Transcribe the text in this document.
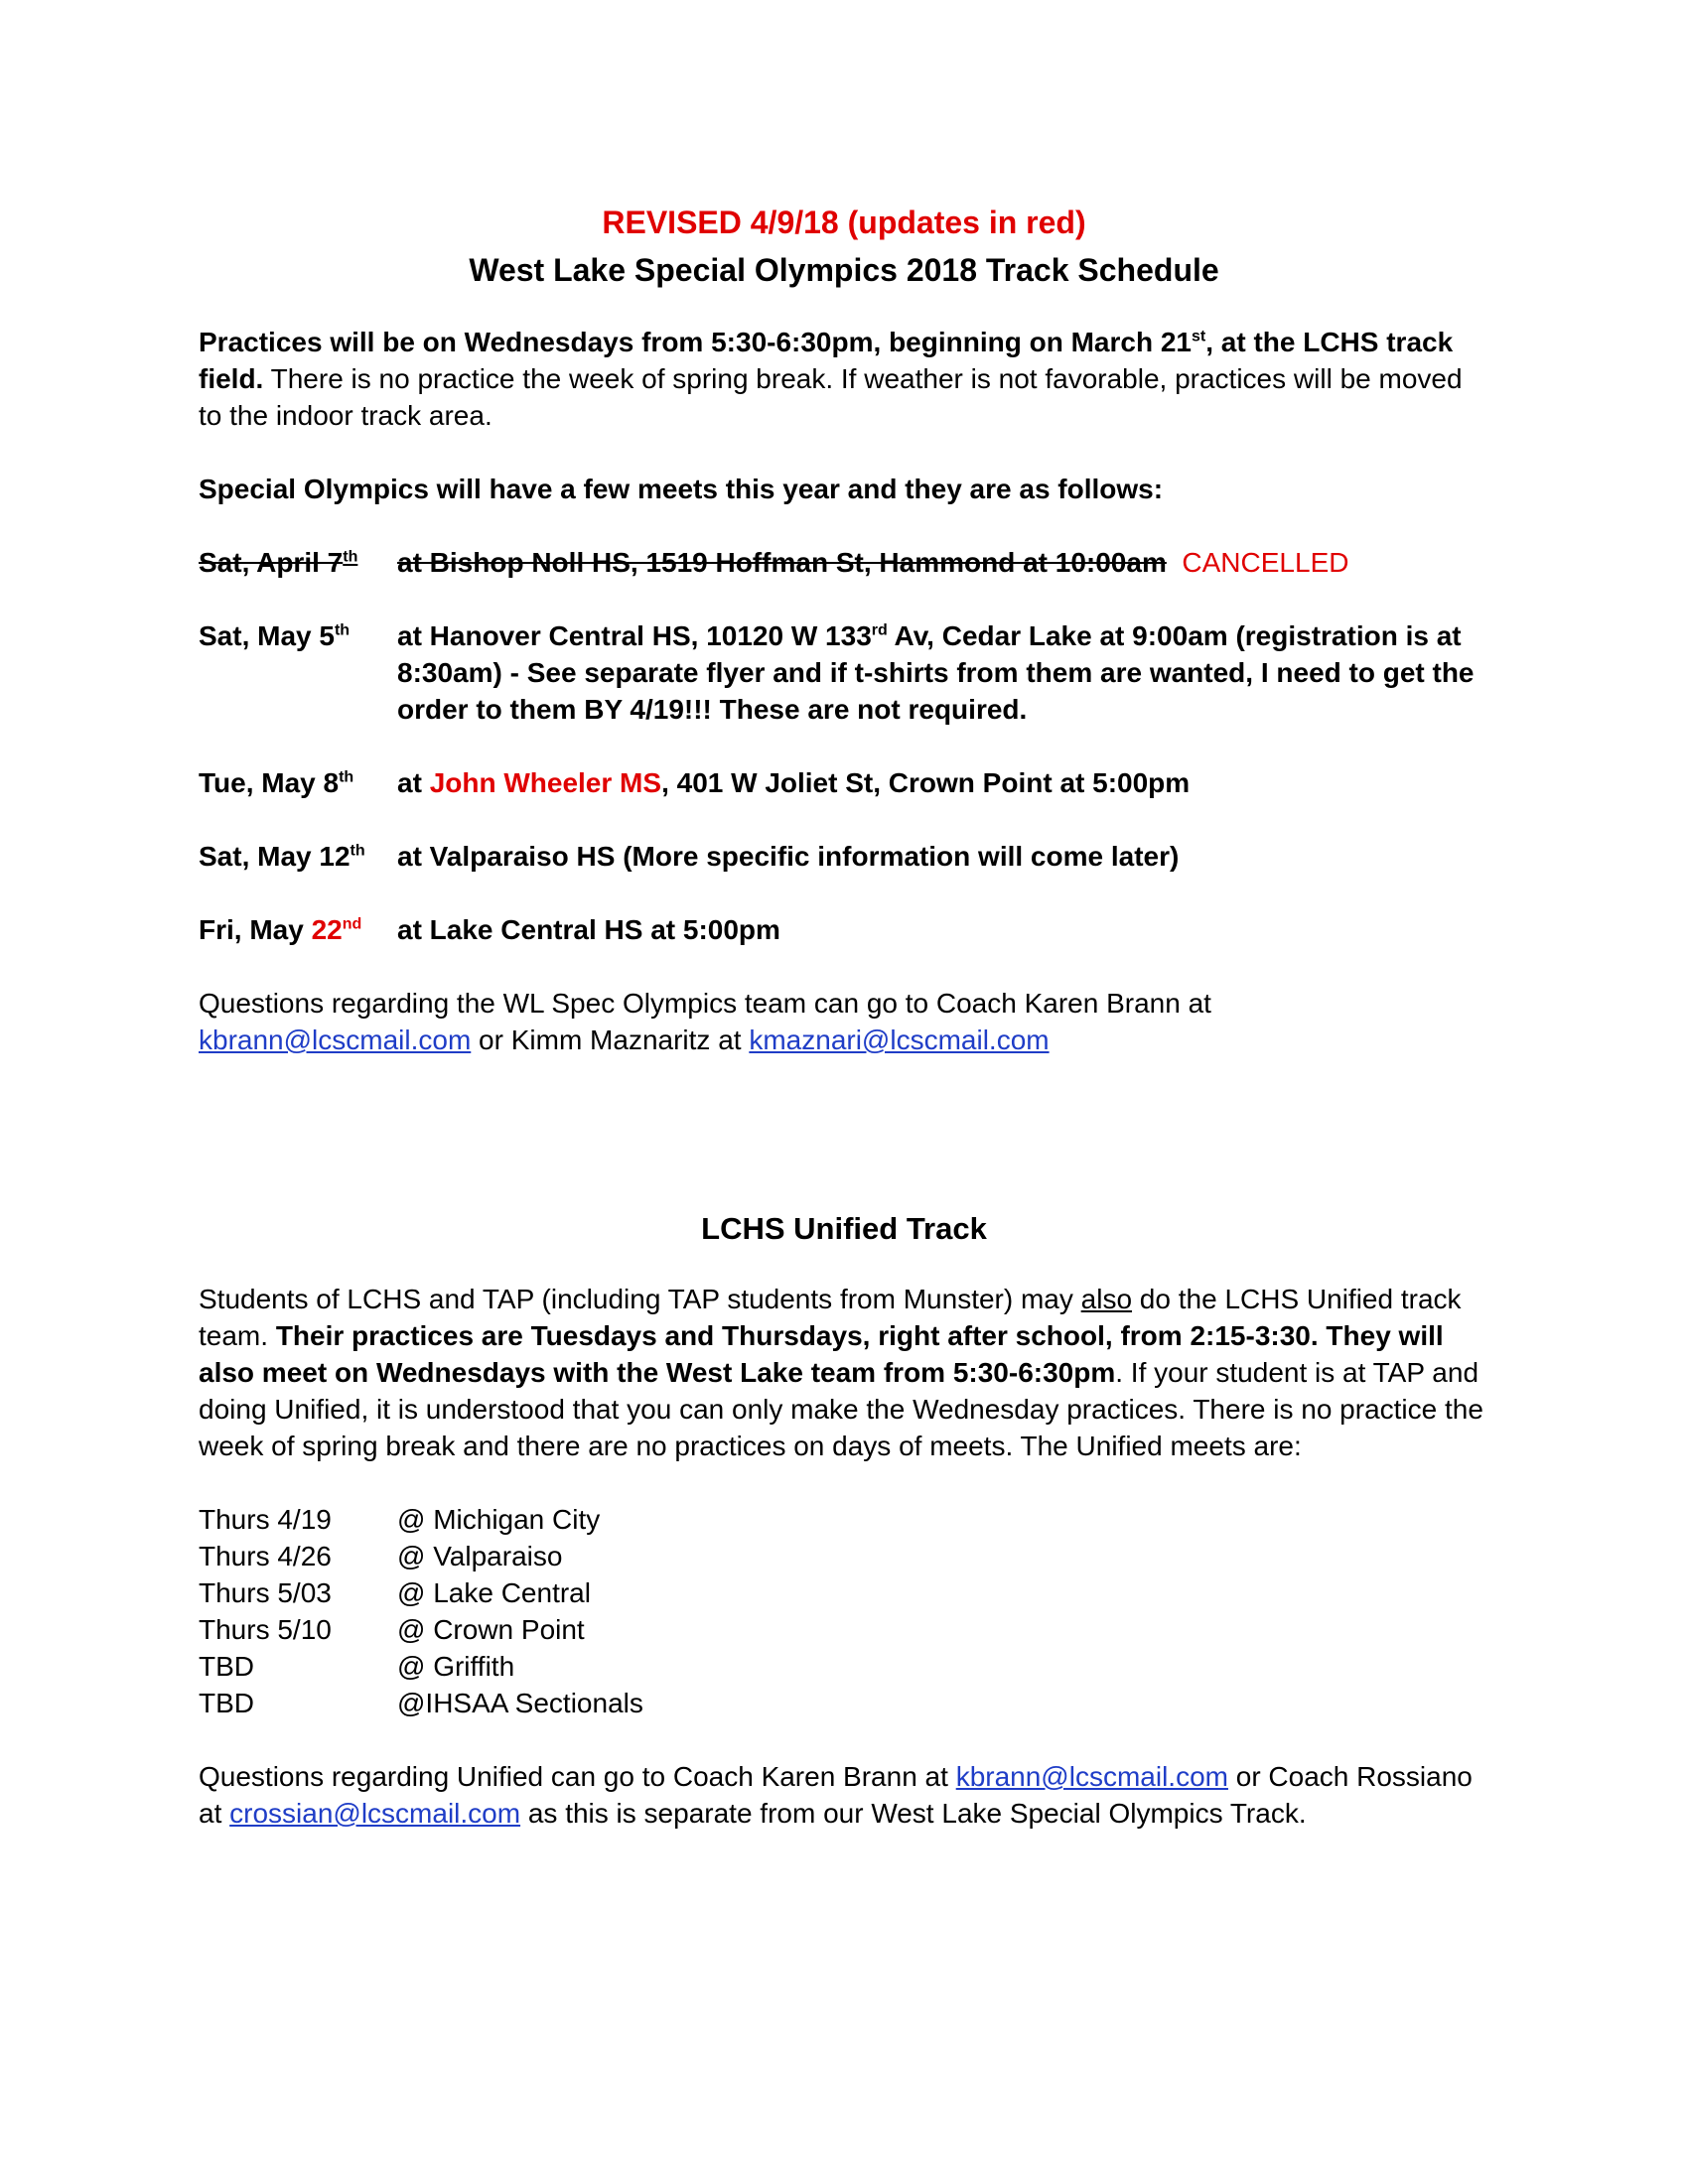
REVISED 4/9/18 (updates in red)
West Lake Special Olympics 2018 Track Schedule

Practices will be on Wednesdays from 5:30-6:30pm, beginning on March 21st, at the LCHS track field. There is no practice the week of spring break. If weather is not favorable, practices will be moved to the indoor track area.

Special Olympics will have a few meets this year and they are as follows:

Sat, April 7th	at Bishop Noll HS, 1519 Hoffman St, Hammond at 10:00am CANCELLED
Sat, May 5th	at Hanover Central HS, 10120 W 133rd Av, Cedar Lake at 9:00am (registration is at 8:30am) - See separate flyer and if t-shirts from them are wanted, I need to get the order to them BY 4/19!!! These are not required.
Tue, May 8th	at John Wheeler MS, 401 W Joliet St, Crown Point at 5:00pm
Sat, May 12th	at Valparaiso HS (More specific information will come later)
Fri, May 22nd	at Lake Central HS at 5:00pm

Questions regarding the WL Spec Olympics team can go to Coach Karen Brann at kbrann@lcscmail.com or Kimm Maznaritz at kmaznari@lcscmail.com

LCHS Unified Track

Students of LCHS and TAP (including TAP students from Munster) may also do the LCHS Unified track team. Their practices are Tuesdays and Thursdays, right after school, from 2:15-3:30. They will also meet on Wednesdays with the West Lake team from 5:30-6:30pm. If your student is at TAP and doing Unified, it is understood that you can only make the Wednesday practices. There is no practice the week of spring break and there are no practices on days of meets. The Unified meets are:

Thurs 4/19	@ Michigan City
Thurs 4/26	@ Valparaiso
Thurs 5/03	@ Lake Central
Thurs 5/10	@ Crown Point
TBD	@ Griffith
TBD	@IHSAA Sectionals

Questions regarding Unified can go to Coach Karen Brann at kbrann@lcscmail.com or Coach Rossiano at crossian@lcscmail.com as this is separate from our West Lake Special Olympics Track.
